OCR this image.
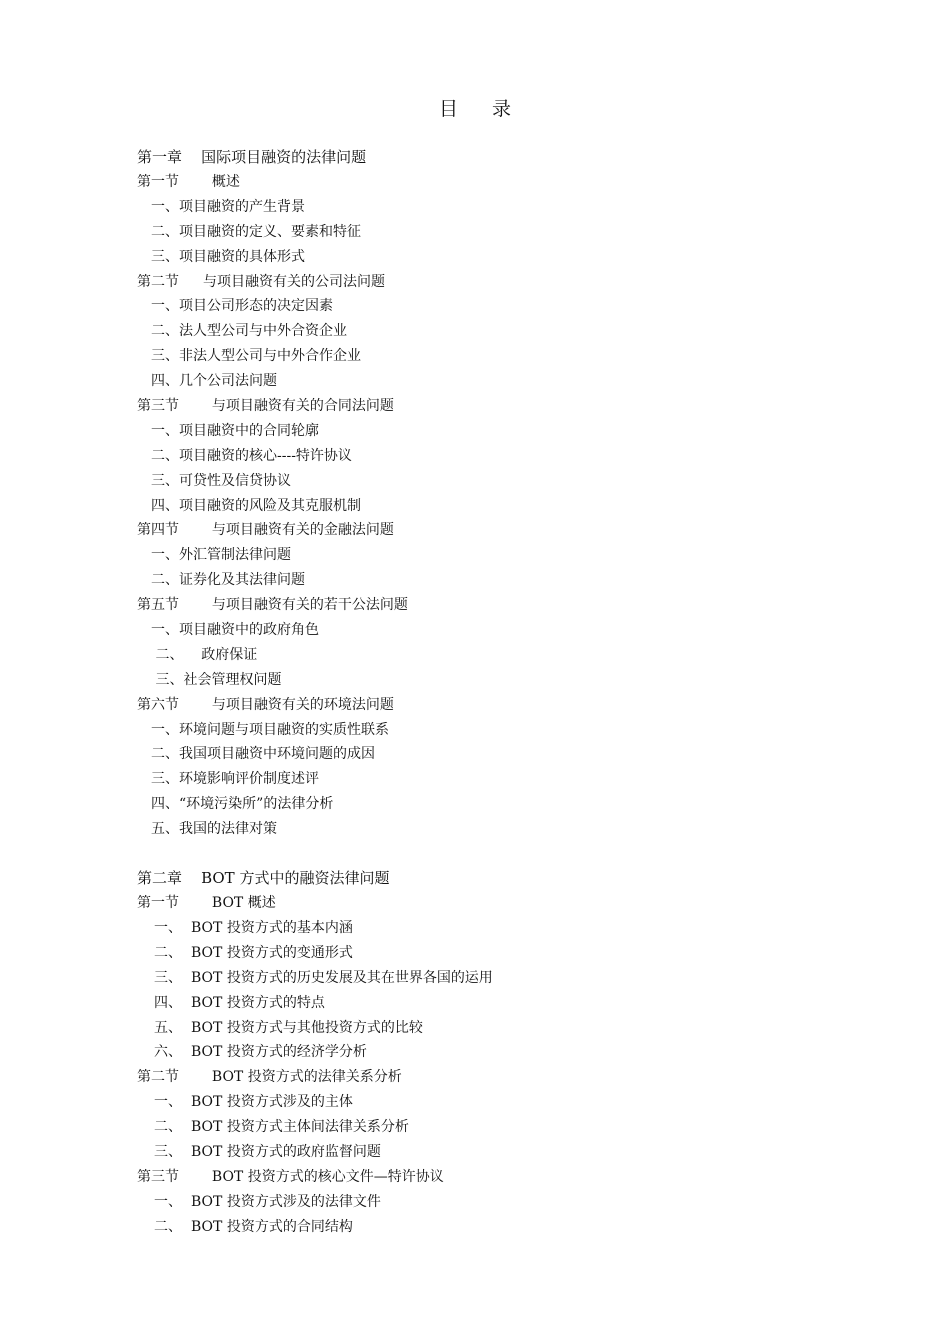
目 录
第一章    国际项目融资的法律问题
第一节  概述
一、项目融资的产生背景
二、项目融资的定义、要素和特征
三、项目融资的具体形式
第二节 与项目融资有关的公司法问题
一、项目公司形态的决定因素
二、法人型公司与中外合资企业
三、非法人型公司与中外合作企业
四、几个公司法问题
第三节  与项目融资有关的合同法问题
一、项目融资中的合同轮廓
二、项目融资的核心----特许协议
三、可贷性及信贷协议
四、项目融资的风险及其克服机制
第四节  与项目融资有关的金融法问题
一、外汇管制法律问题
二、证券化及其法律问题
第五节  与项目融资有关的若干公法问题
一、项目融资中的政府角色
二、    政府保证
三、社会管理权问题
第六节  与项目融资有关的环境法问题
一、环境问题与项目融资的实质性联系
二、我国项目融资中环境问题的成因
三、环境影响评价制度述评
四、“环境污染所”的法律分析
五、我国的法律对策
第二章    BOT 方式中的融资法律问题
第一节  BOT 概述
一、 BOT 投资方式的基本内涵
二、 BOT 投资方式的变通形式
三、 BOT 投资方式的历史发展及其在世界各国的运用
四、 BOT 投资方式的特点
五、 BOT 投资方式与其他投资方式的比较
六、 BOT 投资方式的经济学分析
第二节  BOT 投资方式的法律关系分析
一、 BOT 投资方式涉及的主体
二、 BOT 投资方式主体间法律关系分析
三、 BOT 投资方式的政府监督问题
第三节  BOT 投资方式的核心文件—特许协议
一、 BOT 投资方式涉及的法律文件
二、 BOT 投资方式的合同结构
